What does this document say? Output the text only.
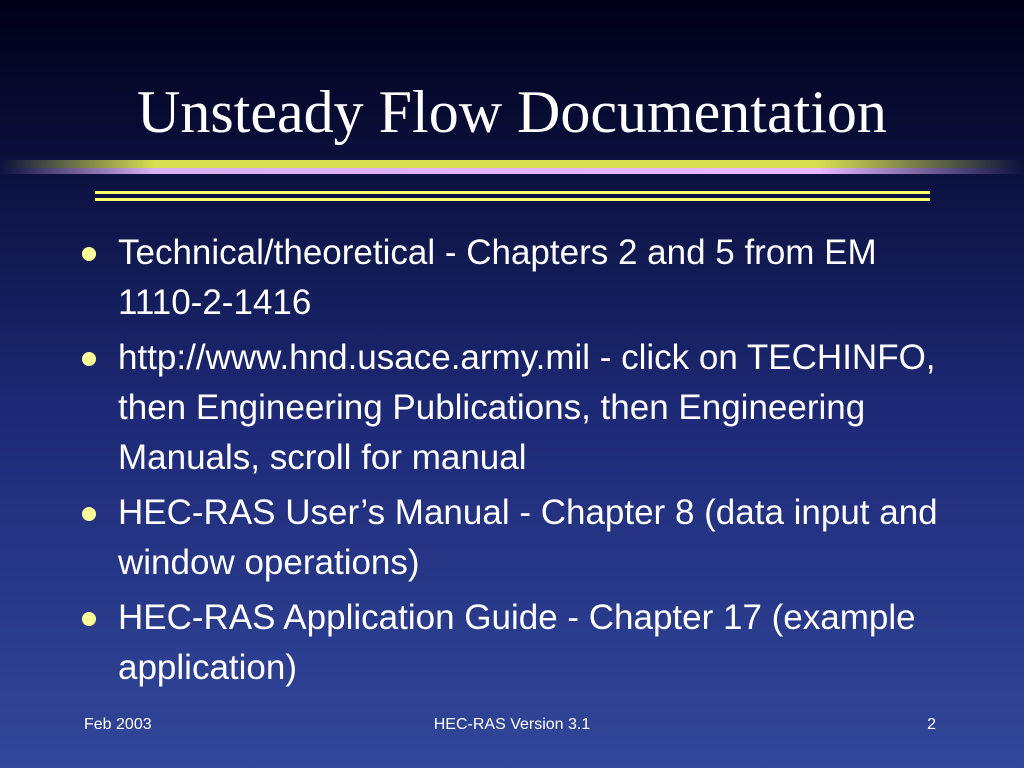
Unsteady Flow Documentation
Technical/theoretical - Chapters 2 and 5 from EM 1110-2-1416
http://www.hnd.usace.army.mil - click on TECHINFO, then Engineering Publications, then Engineering Manuals, scroll for manual
HEC-RAS User’s Manual - Chapter 8 (data input and window operations)
HEC-RAS Application Guide - Chapter 17 (example application)
Feb 2003	HEC-RAS Version 3.1	2
